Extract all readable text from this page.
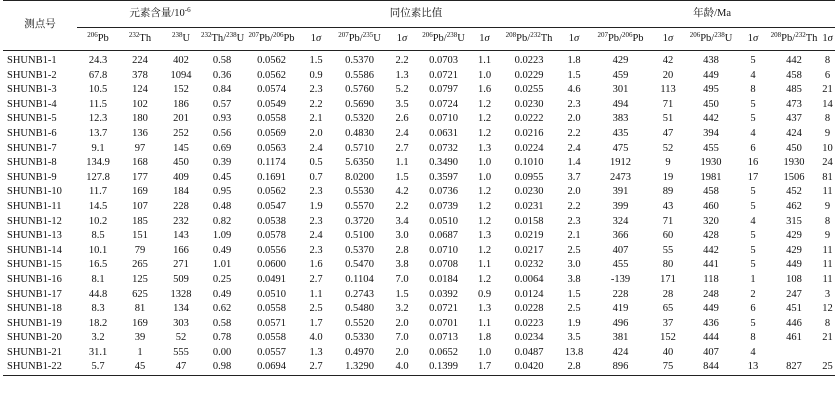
测点号	元素含量$/10^{-6}$				同位素比值								年龄/Ma					
	$^{206}$Pb	$^{232}$Th	$^{238}$U	$^{232}$Th/$^{238}$U	$^{207}$Pb/$^{206}$Pb	1σ	$^{207}$Pb/$^{235}$U	1σ	$^{206}$Pb/$^{238}$U	1σ	$^{208}$Pb/$^{232}$Th	1σ	$^{207}$Pb/$^{206}$Pb	1σ	$^{206}$Pb/$^{238}$U	1σ	$^{208}$Pb/$^{232}$Th	1σ
SHUNB1-1	24.3	224	402	0.58	0.0562	1.5	0.5370	2.2	0.0703	1.1	0.0223	1.8	429	42	438	5	442	8
SHUNB1-2	67.8	378	1094	0.36	0.0562	0.9	0.5586	1.3	0.0721	1.0	0.0229	1.5	459	20	449	4	458	6
SHUNB1-3	10.5	124	152	0.84	0.0574	2.3	0.5760	5.2	0.0797	1.6	0.0255	4.6	301	113	495	8	485	21
SHUNB1-4	11.5	102	186	0.57	0.0549	2.2	0.5690	3.5	0.0724	1.2	0.0230	2.3	494	71	450	5	473	14
SHUNB1-5	12.3	180	201	0.93	0.0558	2.1	0.5320	2.6	0.0710	1.2	0.0222	2.0	383	51	442	5	437	8
SHUNB1-6	13.7	136	252	0.56	0.0569	2.0	0.4830	2.4	0.0631	1.2	0.0216	2.2	435	47	394	4	424	9
SHUNB1-7	9.1	97	145	0.69	0.0563	2.4	0.5710	2.7	0.0732	1.3	0.0224	2.4	475	52	455	6	450	10
SHUNB1-8	134.9	168	450	0.39	0.1174	0.5	5.6350	1.1	0.3490	1.0	0.1010	1.4	1912	9	1930	16	1930	24
SHUNB1-9	127.8	177	409	0.45	0.1691	0.7	8.0200	1.5	0.3597	1.0	0.0955	3.7	2473	19	1981	17	1506	81
SHUNB1-10	11.7	169	184	0.95	0.0562	2.3	0.5530	4.2	0.0736	1.2	0.0230	2.0	391	89	458	5	452	11
SHUNB1-11	14.5	107	228	0.48	0.0547	1.9	0.5570	2.2	0.0739	1.2	0.0231	2.2	399	43	460	5	462	9
SHUNB1-12	10.2	185	232	0.82	0.0538	2.3	0.3720	3.4	0.0510	1.2	0.0158	2.3	324	71	320	4	315	8
SHUNB1-13	8.5	151	143	1.09	0.0578	2.4	0.5100	3.0	0.0687	1.3	0.0219	2.1	366	60	428	5	429	9
SHUNB1-14	10.1	79	166	0.49	0.0556	2.3	0.5370	2.8	0.0710	1.2	0.0217	2.5	407	55	442	5	429	11
SHUNB1-15	16.5	265	271	1.01	0.0600	1.6	0.5470	3.8	0.0708	1.1	0.0232	3.0	455	80	441	5	449	11
SHUNB1-16	8.1	125	509	0.25	0.0491	2.7	0.1104	7.0	0.0184	1.2	0.0064	3.8	-139	171	118	1	108	11
SHUNB1-17	44.8	625	1328	0.49	0.0510	1.1	0.2743	1.5	0.0392	0.9	0.0124	1.5	228	28	248	2	247	3
SHUNB1-18	8.3	81	134	0.62	0.0558	2.5	0.5480	3.2	0.0721	1.3	0.0228	2.5	419	65	449	6	451	12
SHUNB1-19	18.2	169	303	0.58	0.0571	1.7	0.5520	2.0	0.0701	1.1	0.0223	1.9	496	37	436	5	446	8
SHUNB1-20	3.2	39	52	0.78	0.0558	4.0	0.5330	7.0	0.0713	1.8	0.0234	3.5	381	152	444	8	461	21
SHUNB1-21	31.1	1	555	0.00	0.0557	1.3	0.4970	2.0	0.0652	1.0	0.0487	13.8	424	40	407	4		
SHUNB1-22	5.7	45	47	0.98	0.0694	2.7	1.3290	4.0	0.1399	1.7	0.0420	2.8	896	75	844	13	827	25
